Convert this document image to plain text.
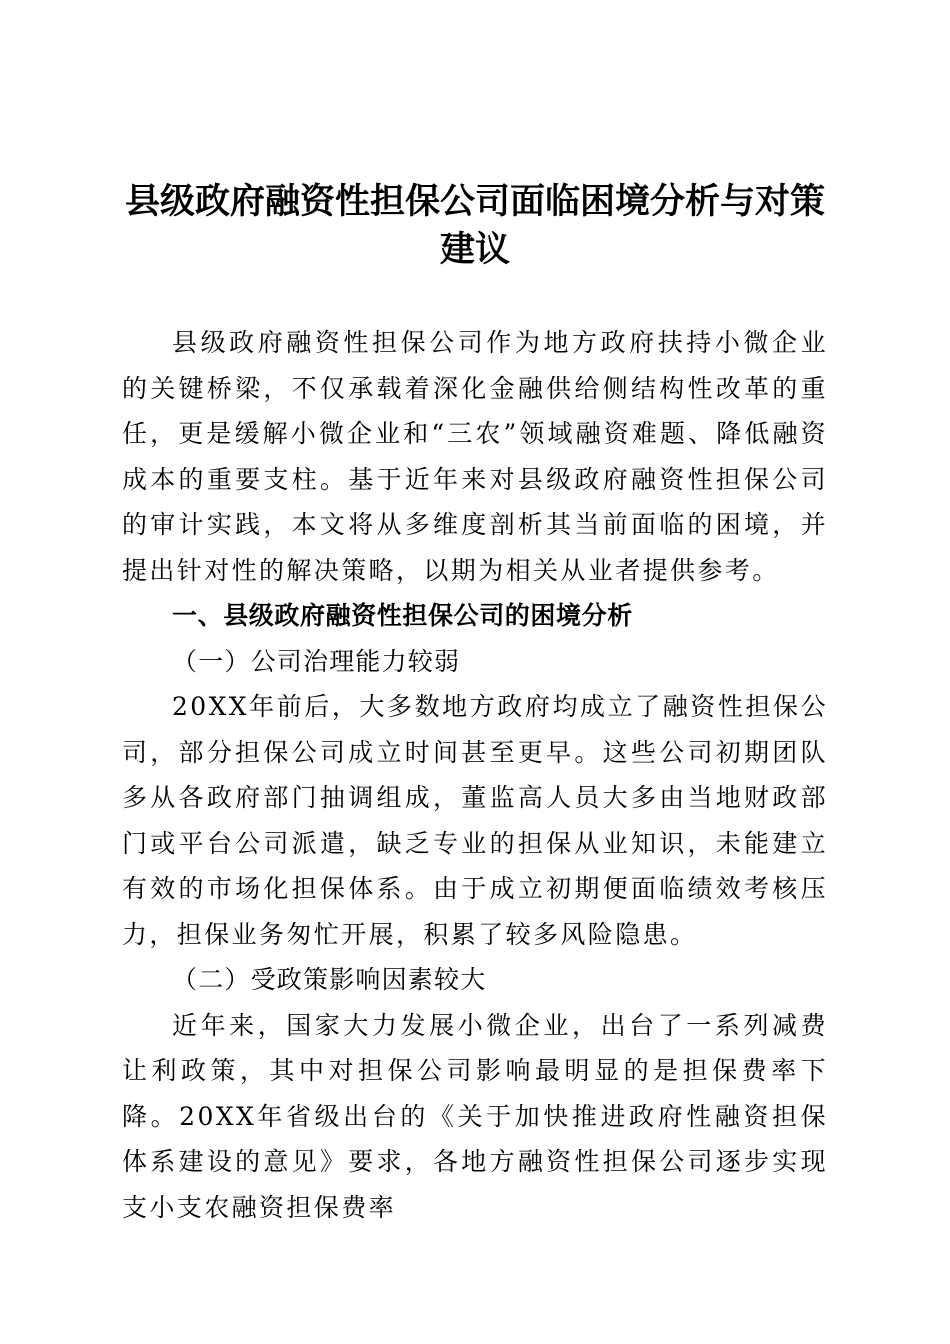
县级政府融资性担保公司面临困境分析与对策建议

县级政府融资性担保公司作为地方政府扶持小微企业的关键桥梁，不仅承载着深化金融供给侧结构性改革的重任，更是缓解小微企业和“三农”领域融资难题、降低融资成本的重要支柱。基于近年来对县级政府融资性担保公司的审计实践，本文将从多维度剖析其当前面临的困境，并提出针对性的解决策略，以期为相关从业者提供参考。

一、县级政府融资性担保公司的困境分析

（一）公司治理能力较弱

20XX年前后，大多数地方政府均成立了融资性担保公司，部分担保公司成立时间甚至更早。这些公司初期团队多从各政府部门抽调组成，董监高人员大多由当地财政部门或平台公司派遣，缺乏专业的担保从业知识，未能建立有效的市场化担保体系。由于成立初期便面临绩效考核压力，担保业务匆忙开展，积累了较多风险隐患。

（二）受政策影响因素较大

近年来，国家大力发展小微企业，出台了一系列减费让利政策，其中对担保公司影响最明显的是担保费率下降。20XX年省级出台的《关于加快推进政府性融资担保体系建设的意见》要求，各地方融资性担保公司逐步实现支小支农融资担保费率
